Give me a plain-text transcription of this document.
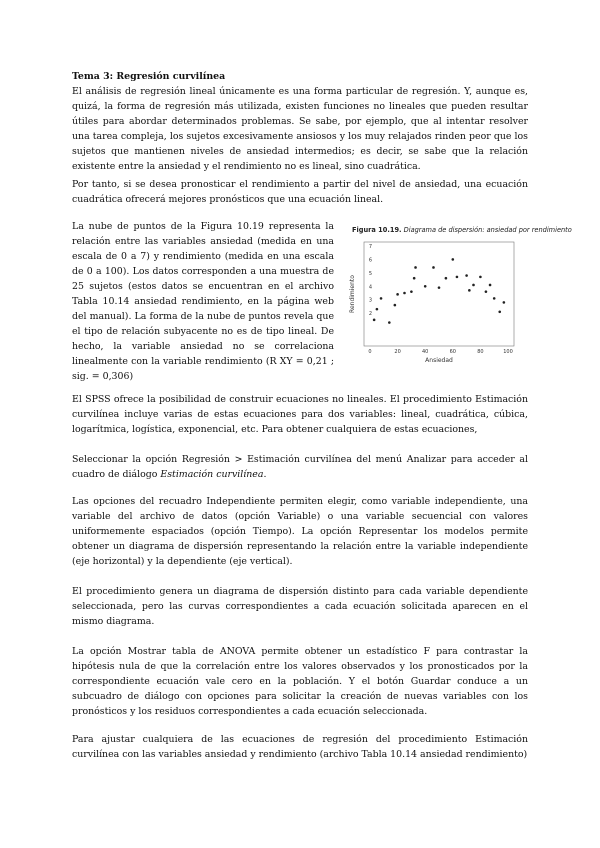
Tema 3: Regresión curvilínea
El análisis de regresión lineal únicamente es una forma particular de regresión. Y, aunque es, quizá, la forma de regresión más utilizada, existen funciones no lineales que pueden resultar útiles para abordar determinados problemas. Se sabe, por ejemplo, que al intentar resolver una tarea compleja, los sujetos excesivamente ansiosos y los muy relajados rinden peor que los sujetos que mantienen niveles de ansiedad intermedios; es decir, se sabe que la relación existente entre la ansiedad y el rendimiento no es lineal, sino cuadrática.

Por tanto, si se desea pronosticar el rendimiento a partir del nivel de ansiedad, una ecuación cuadrática ofrecerá mejores pronósticos que una ecuación lineal.

La nube de puntos de la Figura 10.19 representa la relación entre las variables ansiedad (medida en una escala de 0 a 7) y rendimiento (medida en una escala de 0 a 100). Los datos corresponden a una muestra de 25 sujetos (estos datos se encuentran en el archivo Tabla 10.14 ansiedad rendimiento, en la página web del manual). La forma de la nube de puntos revela que el tipo de relación subyacente no es de tipo lineal. De hecho, la variable ansiedad no se correlaciona linealmente con la variable rendimiento (R XY = 0,21 ; sig. = 0,306)

Figura 10.19. Diagrama de dispersión: ansiedad por rendimiento
2
3
4
5
6
7
0	20	40	60	80	100
Rendimiento
Ansiedad

El SPSS ofrece la posibilidad de construir ecuaciones no lineales. El procedimiento Estimación curvilínea incluye varias de estas ecuaciones para dos variables: lineal, cuadrática, cúbica, logarítmica, logística, exponencial, etc. Para obtener cualquiera de estas ecuaciones,

Seleccionar la opción Regresión > Estimación curvilínea del menú Analizar para acceder al cuadro de diálogo Estimación curvilínea.

Las opciones del recuadro Independiente permiten elegir, como variable independiente, una variable del archivo de datos (opción Variable) o una variable secuencial con valores uniformemente espaciados (opción Tiempo). La opción Representar los modelos permite obtener un diagrama de dispersión representando la relación entre la variable independiente (eje horizontal) y la dependiente (eje vertical).

El procedimiento genera un diagrama de dispersión distinto para cada variable dependiente seleccionada, pero las curvas correspondientes a cada ecuación solicitada aparecen en el mismo diagrama.

La opción Mostrar tabla de ANOVA permite obtener un estadístico F para contrastar la hipótesis nula de que la correlación entre los valores observados y los pronosticados por la correspondiente ecuación vale cero en la población. Y el botón Guardar conduce a un subcuadro de diálogo con opciones para solicitar la creación de nuevas variables con los pronósticos y los residuos correspondientes a cada ecuación seleccionada.

Para ajustar cualquiera de las ecuaciones de regresión del procedimiento Estimación curvilínea con las variables ansiedad y rendimiento (archivo Tabla 10.14 ansiedad rendimiento)
